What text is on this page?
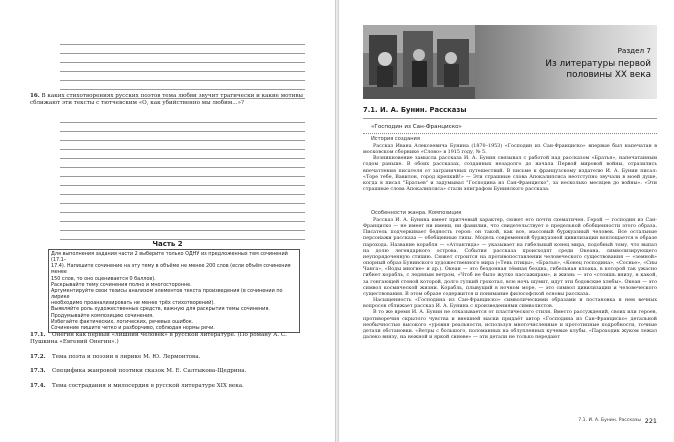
16. В каких стихотворениях русских поэтов тема любви звучит трагически и какие мотивы сближают эти тексты с тютчевским «О, как убийственно мы любим...»?
Часть 2
Для выполнения задания части 2 выберите только ОДНУ из предложенных тем сочинений (17.1–
17.4). Напишите сочинение на эту тему в объёме не менее 200 слов (если объём сочинения менее
150 слов, то оно оценивается 0 баллов).
Раскрывайте тему сочинения полно и многосторонне.
Аргументируйте свои тезисы анализом элементов текста произведения (в сочинении по лирике
необходимо проанализировать не менее трёх стихотворений).
Выявляйте роль художественных средств, важную для раскрытия темы сочинения.
Продумывайте композицию сочинения.
Избегайте фактических, логических, речевых ошибок.
Сочинение пишите четко и разборчиво, соблюдая нормы речи.
17.1. Онегин как первый «лишний человек» в русской литературе. (По роману А. С. Пушкина «Евгений Онегин».)
17.2. Тема поэта и поэзии в лирике М. Ю. Лермонтова.
17.3. Специфика жанровой поэтики сказок М. Е. Салтыкова-Щедрина.
17.4. Тема сострадания и милосердия в русской литературе XIX века.
Раздел 7
Из литературы первой половины XX века
7.1. И. А. Бунин. Рассказы
«Господин из Сан-Франциско»
История создания

Рассказ Ивана Алексеевича Бунина (1870–1953) «Господин из Сан-Франциско» впервые был напечатан в московском сборнике «Слово» в 1915 году, № 5.

Возникновение замысла рассказа И. А. Бунин связывал с работой над рассказом «Братья», напечатанным годом раньше. В обоих рассказах, созданных незадолго до начала Первой мировой войны, отразились впечатления писателя от заграничных путешествий. В письме к французскому издателю И. А. Бунин писал: «Торе тебе, Вавилон, город крепкий!» — Эти страшные слова Апокалипсиса неотступно звучали в моей душе, когда я писал "Братьев" и задумывал "Господина из Сан-Франциско", за несколько месяцев до войны». «Эти страшные слова Апокалипсиса» стали эпиграфом Бунинского рассказа.

Особенности жанра. Композиция

Рассказ И. А. Бунина имеет притчевый характер, сюжет его почти схематичен. Герой — господин из Сан-Франциско — не имеет ни имени, ни фамилии, что свидетельствует о предельной обобщенности этого образа. Писатель подчеркивает бедность героя: он такой, как все, массовый буржуазный человек. Все остальные персонажи рассказа — обобщенные типы. Модель современной буржуазной цивилизации воплощается в образе парохода. Название корабля — «Атлантида» — указывает на гибельный конец мира, подобный тому, что выпал на долю легендарного острова. События рассказа происходят среди Океана, символизирующего неупорядоченную стихию. Сюжет строится на противопоставлении человеческого существования — «земной» опорный образ Бунинского художественного мира («Тень птицы», «Братья», «Конец господина», «Соснье», «Сны Чанга», «Воды многие» и др.). Океан — это бездонная тёмная бездна, гибельная клоака, в которой так ужасно гибнет корабль, с ледяным ветром, «Чтоб не было жутко пассажирам», и жизнь — это «стоишь внизу, в какой, за гонгающей стеной которой, долго гулкий грохотал, всю ночь шумит, идут эти бодовские хлебы». Океан — это символ космической жизни. Корабль, плывущий в ночном море, — это символ цивилизации и человеческого существования. В этом образе содержится и понимание философской основы рассказа.

Насыщенность «Господина из Сан-Франциско» символическими образами и постановка в нем вечных вопросов сближает рассказ И. А. Бунина с произведениями символистов.

В то же время И. А. Бунин не отказывается от пластического стиля. Вместо рассуждений, своих или героев, противоречия скрытого чувства и внешней маски придаёт автор «Господина из Сан-Франциско» детальной необычностью высокого «уровня реальности, используя многочисленные и прототипные подробности, точные детали обстановки. «Ветры с большого, поломанных на облупленных кучевые клубы. «Пароходик жуком лежал далеко внизу, на нежной и яркой синеве» — эти детали не только передают

7.1. И. А. Бунин. Рассказы 221
